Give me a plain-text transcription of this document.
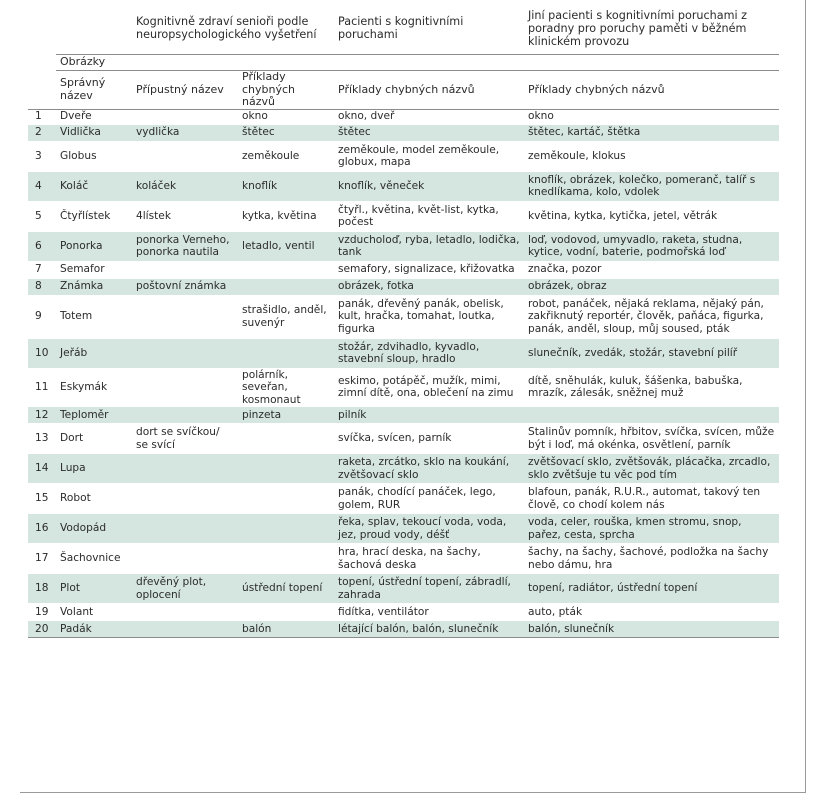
		Kognitivně zdraví senioři podle neuropsychologického vyšetření		Pacienti s kognitivními poruchami	Jiní pacienti s kognitivními poruchami z poradny pro poruchy paměti v běžném klinickém provozu
	Obrázky				
	Správný název	Přípustný název	Příklady chybných názvů	Příklady chybných názvů	Příklady chybných názvů
1	Dveře		okno	okno, dveř	okno
2	Vidlička	vydlička	štětec	štětec	štětec, kartáč, štětka
3	Globus		zeměkoule	zeměkoule, model zeměkoule, globux, mapa	zeměkoule, klokus
4	Koláč	koláček	knoflík	knoflík, věneček	knoflík, obrázek, kolečko, pomeranč, talíř s knedlíkama, kolo, vdolek
5	Čtyřlístek	4lístek	kytka, květina	čtyřl., květina, květ-list, kytka, počest	květina, kytka, kytička, jetel, větrák
6	Ponorka	ponorka Verneho, ponorka nautila	letadlo, ventil	vzducholoď, ryba, letadlo, lodička, tank	loď, vodovod, umyvadlo, raketa, studna, kytice, vodní, baterie, podmořská loď
7	Semafor			semafory, signalizace, křižovatka	značka, pozor
8	Známka	poštovní známka		obrázek, fotka	obrázek, obraz
9	Totem		strašidlo, anděl, suvenýr	panák, dřevěný panák, obelisk, kult, hračka, tomahat, loutka, figurka	robot, panáček, nějaká reklama, nějaký pán, zakřiknutý reportér, člověk, paňáca, figurka, panák, anděl, sloup, můj soused, pták
10	Jeřáb			stožár, zdvihadlo, kyvadlo, stavební sloup, hradlo	slunečník, zvedák, stožár, stavební pilíř
11	Eskymák		polárník, seveřan, kosmonaut	eskimo, potápěč, mužík, mimi, zimní dítě, ona, oblečení na zimu	dítě, sněhulák, kuluk, šášenka, babuška, mrazík, zálesák, sněžnej muž
12	Teploměr		pinzeta	pilník	
13	Dort	dort se svíčkou/ se svící		svíčka, svícen, parník	Stalinův pomník, hřbitov, svíčka, svícen, může být i loď, má okénka, osvětlení, parník
14	Lupa			raketa, zrcátko, sklo na koukání, zvětšovací sklo	zvětšovací sklo, zvětšovák, plácačka, zrcadlo, sklo zvětšuje tu věc pod tím
15	Robot			panák, chodící panáček, lego, golem, RUR	blafoun, panák, R.U.R., automat, takový ten člově, co chodí kolem nás
16	Vodopád			řeka, splav, tekoucí voda, voda, jez, proud vody, déšť	voda, celer, rouška, kmen stromu, snop, pařez, cesta, sprcha
17	Šachovnice			hra, hrací deska, na šachy, šachová deska	šachy, na šachy, šachové, podložka na šachy nebo dámu, hra
18	Plot	dřevěný plot, oplocení	ústřední topení	topení, ústřední topení, zábradlí, zahrada	topení, radiátor, ústřední topení
19	Volant			fidítka, ventilátor	auto, pták
20	Padák		balón	létající balón, balón, slunečník	balón, slunečník
